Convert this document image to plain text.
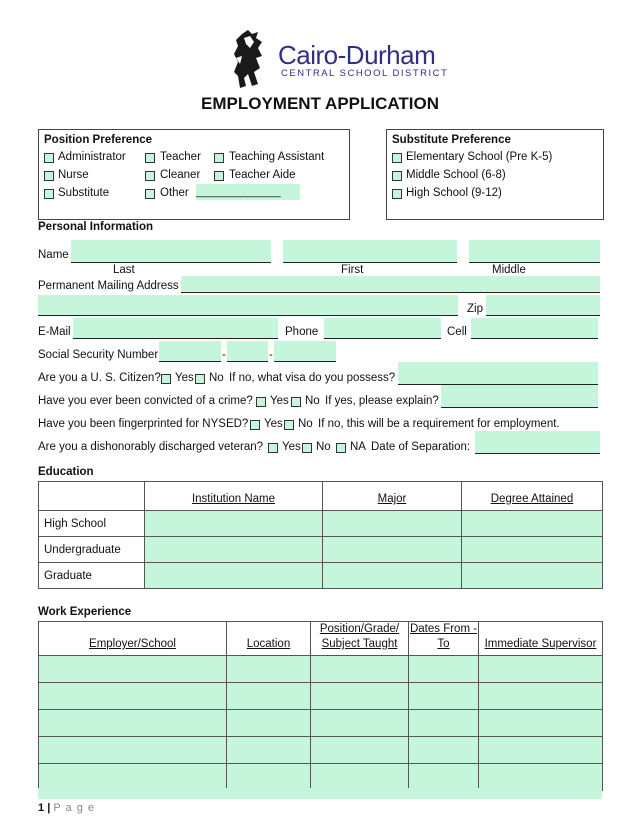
Cairo-Durham
CENTRAL SCHOOL DISTRICT
EMPLOYMENT APPLICATION
Position Preference
Administrator	Teacher Teaching Assistant
Nurse	Cleaner Teacher Aide
Substitute	Other _______________
Substitute Preference
Elementary School (Pre K-5)
Middle School (6-8)
High School (9-12)
Personal Information
Name
Last	First	Middle
Permanent Mailing Address
Zip
E-Mail	Phone	Cell
Social Security Number	-	-
Are you a U. S. Citizen? Yes No If no, what visa do you possess?
Have you ever been convicted of a crime? Yes No If yes, please explain?
Have you been fingerprinted for NYSED? Yes No If no, this will be a requirement for employment.
Are you a dishonorably discharged veteran? Yes No NA Date of Separation:
Education
	Institution Name	Major	Degree Attained
High School			
Undergraduate			
Graduate			
Work Experience
Employer/School	Location	Position/Grade/ Subject Taught	Dates From - To	Immediate Supervisor

1 | P a g e
